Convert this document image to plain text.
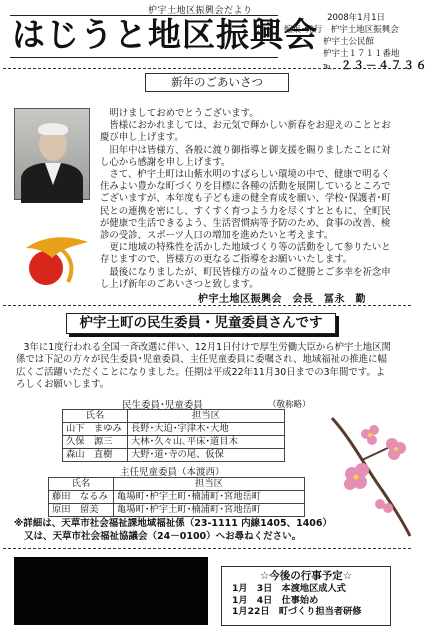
枦宇土地区振興会だより
はじうと地区振興会	2008年1月1日
編集･発行　枦宇土地区振興会
枦宇土公民館
枦宇土１７１１番地
℡　 ２３－４７３６
新年のごあいさつ

明けましておめでとうございます。

皆様におかれましては、お元気で輝かしい新春をお迎えのこととお慶び申し上げます。

旧年中は皆様方、各般に渡り御指導と御支援を賜りましたことに対し心から感謝を申し上げます。

さて、枦宇土町は山紫水明のすばらしい環境の中で、健康で明るく住みよい豊かな町づくりを目標に各種の活動を展開しているところでございますが、本年度も子ども達の健全育成を願い、学校･保護者･町民との連携を密にし、すくすく育つよう力を尽くすとともに、全町民が健康で生活できるよう、生活習慣病等予防のため、食事の改善、検診の受診、スポーツ人口の増加を進めたいと考えます。

更に地域の特殊性を活かした地域づくり等の活動をして参りたいと存じますので、皆様方の更なるご指導をお願いいたします。

最後になりましたが、町民皆様方の益々のご健勝とご多幸を祈念申し上げ新年のごあいさつと致します。

枦宇土地区振興会　会長　冨永　勤
枦宇土町の民生委員・児童委員さんです
3年に1度行われる全国一斉改選に伴い、12月1日付けで厚生労働大臣から枦宇土地区関係では下記の方々が民生委員･児童委員、主任児童委員に委嘱され、地域福祉の推進に幅広くご活躍いただくことになりました。任期は平成22年11月30日までの3年間です。よろしくお願いします。
民生委員･児童委員	（敬称略）
氏名	担当区
山下　まゆみ	長野･大迫･宇津木･大地
久保　源三	大林･久々山､平床･道目木
森山　直樹	大野･道･寺の尾、仮保
主任児童委員（本渡西）
氏名	担当区
藤田　なるみ	亀場町･枦宇土町･楠浦町･宮地岳町
原田　留美	亀場町･枦宇土町･楠浦町･宮地岳町
※詳細は、天草市社会福祉課地域福祉係（23-1111 内線1405、1406）
又は、天草市社会福祉協議会（24－0100）へお尋ねください。
☆今後の行事予定☆
1月　3日　 本渡地区成人式
1月　4日　 仕事始め
1月22日　 町づくり担当者研修
